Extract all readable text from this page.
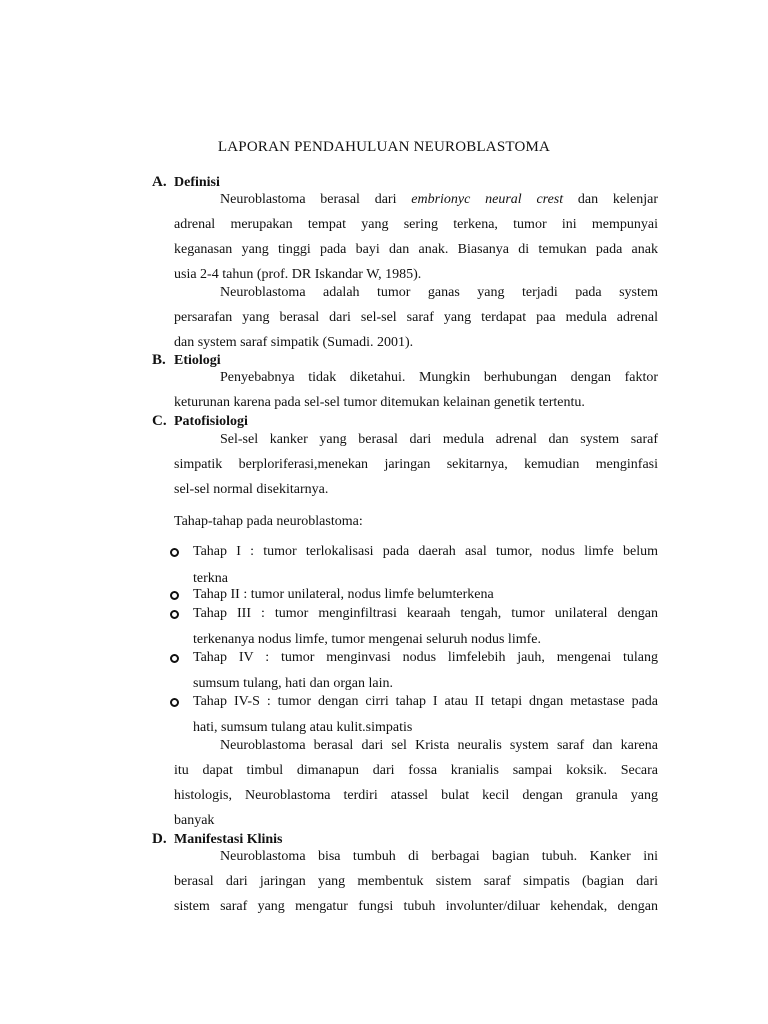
LAPORAN PENDAHULUAN NEUROBLASTOMA
A. Definisi
Neuroblastoma berasal dari embrionyc neural crest dan kelenjar
adrenal merupakan tempat yang sering terkena, tumor ini mempunyai
keganasan yang tinggi pada bayi dan anak. Biasanya di temukan pada anak
usia 2-4 tahun (prof. DR Iskandar W, 1985).
Neuroblastoma adalah tumor ganas yang terjadi pada system
persarafan yang berasal dari sel-sel saraf yang terdapat paa medula adrenal
dan system saraf simpatik (Sumadi. 2001).
B. Etiologi
Penyebabnya tidak diketahui. Mungkin berhubungan dengan faktor
keturunan karena pada sel-sel tumor ditemukan kelainan genetik tertentu.
C. Patofisiologi
Sel-sel kanker yang berasal dari medula adrenal dan system saraf
simpatik berploriferasi,menekan jaringan sekitarnya, kemudian menginfasi
sel-sel normal disekitarnya.
Tahap-tahap pada neuroblastoma:
Tahap I : tumor terlokalisasi pada daerah asal tumor, nodus limfe belum
terkna
Tahap II : tumor unilateral, nodus limfe belumterkena
Tahap III : tumor menginfiltrasi kearaah tengah, tumor unilateral dengan
terkenanya nodus limfe, tumor mengenai seluruh nodus limfe.
Tahap IV : tumor menginvasi nodus limfelebih jauh, mengenai tulang
sumsum tulang, hati dan organ lain.
Tahap IV-S : tumor dengan cirri tahap I atau II tetapi dngan metastase pada
hati, sumsum tulang atau kulit.simpatis
Neuroblastoma berasal dari sel Krista neuralis system saraf dan karena
itu dapat timbul dimanapun dari fossa kranialis sampai koksik. Secara
histologis, Neuroblastoma terdiri atassel bulat kecil dengan granula yang
banyak
D. Manifestasi Klinis
Neuroblastoma bisa tumbuh di berbagai bagian tubuh. Kanker ini
berasal dari jaringan yang membentuk sistem saraf simpatis (bagian dari
sistem saraf yang mengatur fungsi tubuh involunter/diluar kehendak, dengan
